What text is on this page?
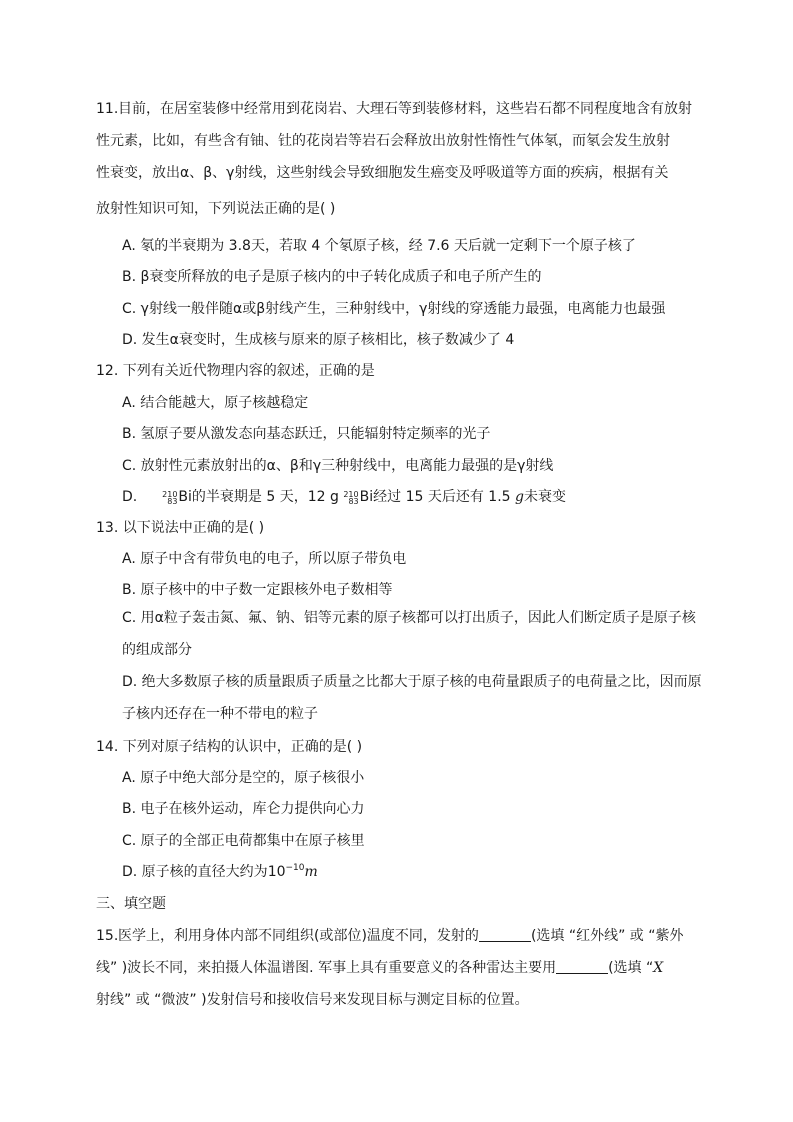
11.目前，在居室装修中经常用到花岗岩、大理石等到装修材料，这些岩石都不同程度地含有放射
性元素，比如，有些含有铀、钍的花岗岩等岩石会释放出放射性惰性气体氡，而氡会发生放射
性衰变，放出α、β、γ射线，这些射线会导致细胞发生癌变及呼吸道等方面的疾病，根据有关
放射性知识可知，下列说法正确的是( )
A. 氡的半衰期为 3.8天，若取 4 个氡原子核，经 7.6 天后就一定剩下一个原子核了
B. β衰变所释放的电子是原子核内的中子转化成质子和电子所产生的
C. γ射线一般伴随α或β射线产生，三种射线中，γ射线的穿透能力最强，电离能力也最强
D. 发生α衰变时，生成核与原来的原子核相比，核子数减少了 4
12. 下列有关近代物理内容的叙述，正确的是
A. 结合能越大，原子核越稳定
B. 氢原子要从激发态向基态跃迁，只能辐射特定频率的光子
C. 放射性元素放射出的α、β和γ三种射线中，电离能力最强的是γ射线
D.	210
83 Bi的半衰期是 5 天，12 g 210
83 Bi经过 15 天后还有 1.5 g未衰变
13. 以下说法中正确的是( )
A. 原子中含有带负电的电子，所以原子带负电
B. 原子核中的中子数一定跟核外电子数相等
C. 用α粒子轰击氮、氟、钠、铝等元素的原子核都可以打出质子，因此人们断定质子是原子核的组成部分
D. 绝大多数原子核的质量跟质子质量之比都大于原子核的电荷量跟质子的电荷量之比，因而原子核内还存在一种不带电的粒子
14. 下列对原子结构的认识中，正确的是( )
A. 原子中绝大部分是空的，原子核很小
B. 电子在核外运动，库仑力提供向心力
C. 原子的全部正电荷都集中在原子核里
D. 原子核的直径大约为$10^{-10}m$
三、填空题
15.医学上，利用身体内部不同组织(或部位)温度不同，发射的	(选填 “红外线” 或 “紫外线” )波长不同，来拍摄人体温谱图. 军事上具有重要意义的各种雷达主要用	(选填 “X
射线” 或 “微波” )发射信号和接收信号来发现目标与测定目标的位置。
